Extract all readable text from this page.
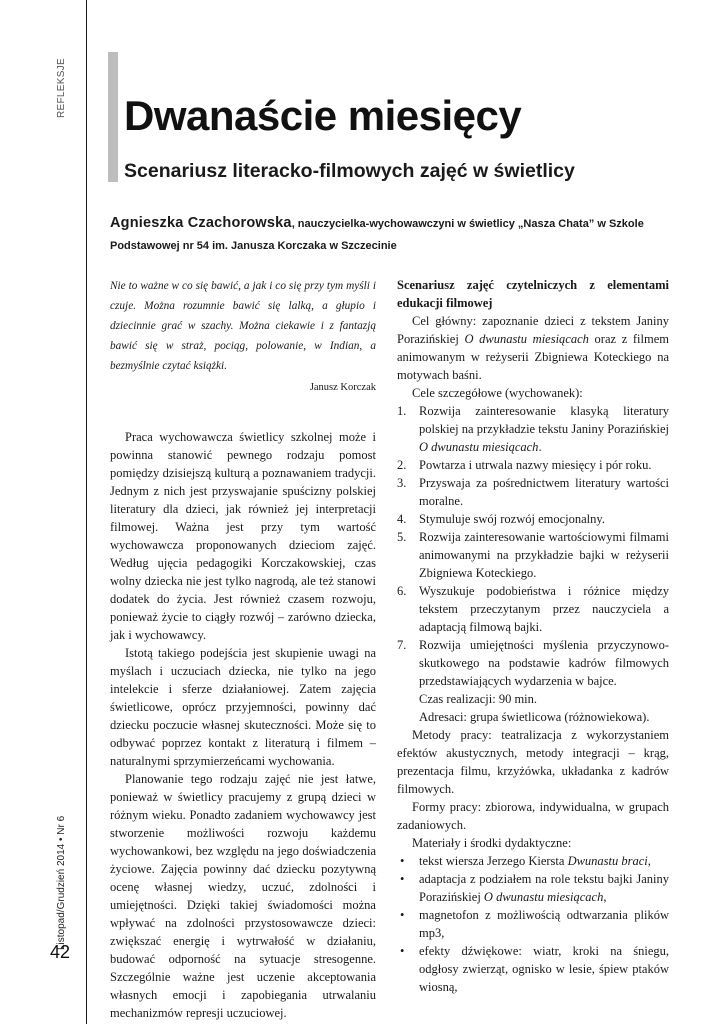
REFLEKSJE
Listopad/Grudzień 2014 • Nr 6
42
Dwanaście miesięcy
Scenariusz literacko-filmowych zajęć w świetlicy
Agnieszka Czachorowska, nauczycielka-wychowawczyni w świetlicy „Nasza Chata” w Szkole
Podstawowej nr 54 im. Janusza Korczaka w Szczecinie

Nie to ważne w co się bawić, a jak i co się przy tym myśli i czuje. Można rozumnie bawić się lalką, a głupio i dziecinnie grać w szachy. Można ciekawie i z fantazją bawić się w straż, pociąg, polowanie, w Indian, a bezmyślnie czytać książki.

Janusz Korczak

Praca wychowawcza świetlicy szkolnej może i powinna stanowić pewnego rodzaju pomost pomiędzy dzisiejszą kulturą a poznawaniem tradycji. Jednym z nich jest przyswajanie spuścizny polskiej literatury dla dzieci, jak również jej interpretacji filmowej. Ważna jest przy tym wartość wychowawcza proponowanych dzieciom zajęć. Według ujęcia pedagogiki Korczakowskiej, czas wolny dziecka nie jest tylko nagrodą, ale też stanowi dodatek do życia. Jest również czasem rozwoju, ponieważ życie to ciągły rozwój – zarówno dziecka, jak i wychowawcy.

Istotą takiego podejścia jest skupienie uwagi na myślach i uczuciach dziecka, nie tylko na jego intelekcie i sferze działaniowej. Zatem zajęcia świetlicowe, oprócz przyjemności, powinny dać dziecku poczucie własnej skuteczności. Może się to odbywać poprzez kontakt z literaturą i filmem – naturalnymi sprzymierzeńcami wychowania.

Planowanie tego rodzaju zajęć nie jest łatwe, ponieważ w świetlicy pracujemy z grupą dzieci w różnym wieku. Ponadto zadaniem wychowawcy jest stworzenie możliwości rozwoju każdemu wychowankowi, bez względu na jego doświadczenia życiowe. Zajęcia powinny dać dziecku pozytywną ocenę własnej wiedzy, uczuć, zdolności i umiejętności. Dzięki takiej świadomości można wpływać na zdolności przystosowawcze dzieci: zwiększać energię i wytrwałość w działaniu, budować odporność na sytuacje stresogenne. Szczególnie ważne jest uczenie akceptowania własnych emocji i zapobiegania utrwalaniu mechanizmów represji uczuciowej.

Scenariusz zajęć czytelniczych z elementami edukacji filmowej

Cel główny: zapoznanie dzieci z tekstem Janiny Porazińskiej O dwunastu miesiącach oraz z filmem animowanym w reżyserii Zbigniewa Koteckiego na motywach baśni.

Cele szczegółowe (wychowanek):

1. Rozwija zainteresowanie klasyką literatury polskiej na przykładzie tekstu Janiny Porazińskiej O dwunastu miesiącach.
2. Powtarza i utrwala nazwy miesięcy i pór roku.
3. Przyswaja za pośrednictwem literatury wartości moralne.
4. Stymuluje swój rozwój emocjonalny.
5. Rozwija zainteresowanie wartościowymi filmami animowanymi na przykładzie bajki w reżyserii Zbigniewa Koteckiego.
6. Wyszukuje podobieństwa i różnice między tekstem przeczytanym przez nauczyciela a adaptacją filmową bajki.
7. Rozwija umiejętności myślenia przyczynowo-skutkowego na podstawie kadrów filmowych przedstawiających wydarzenia w bajce.

Czas realizacji: 90 min.

Adresaci: grupa świetlicowa (różnowiekowa).

Metody pracy: teatralizacja z wykorzystaniem efektów akustycznych, metody integracji – krąg, prezentacja filmu, krzyżówka, układanka z kadrów filmowych.

Formy pracy: zbiorowa, indywidualna, w grupach zadaniowych.

Materiały i środki dydaktyczne:

• tekst wiersza Jerzego Kiersta Dwunastu braci,
• adaptacja z podziałem na role tekstu bajki Janiny Porazińskiej O dwunastu miesiącach,
• magnetofon z możliwością odtwarzania plików mp3,
• efekty dźwiękowe: wiatr, kroki na śniegu, odgłosy zwierząt, ognisko w lesie, śpiew ptaków wiosną,
